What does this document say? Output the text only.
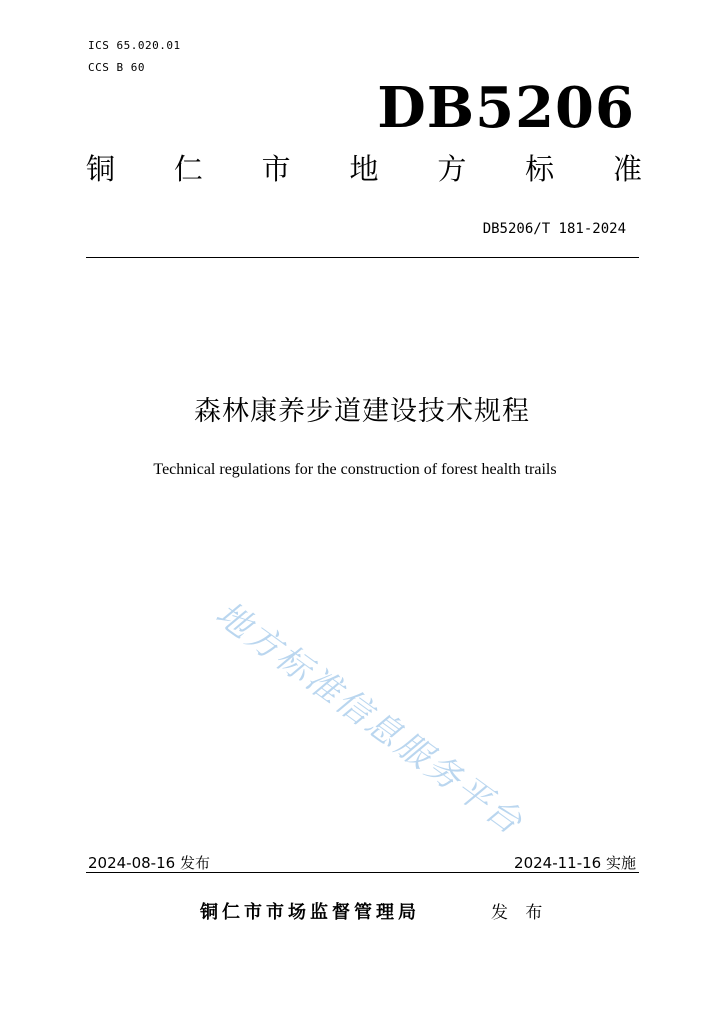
ICS 65.020.01
CCS B 60
DB5206
铜 仁 市 地 方 标 准
DB5206/T 181-2024
森林康养步道建设技术规程
Technical regulations for the construction of forest health trails
地方标准信息服务平台
2024-08-16 发布	2024-11-16 实施
铜仁市市场监督管理局	发 布
